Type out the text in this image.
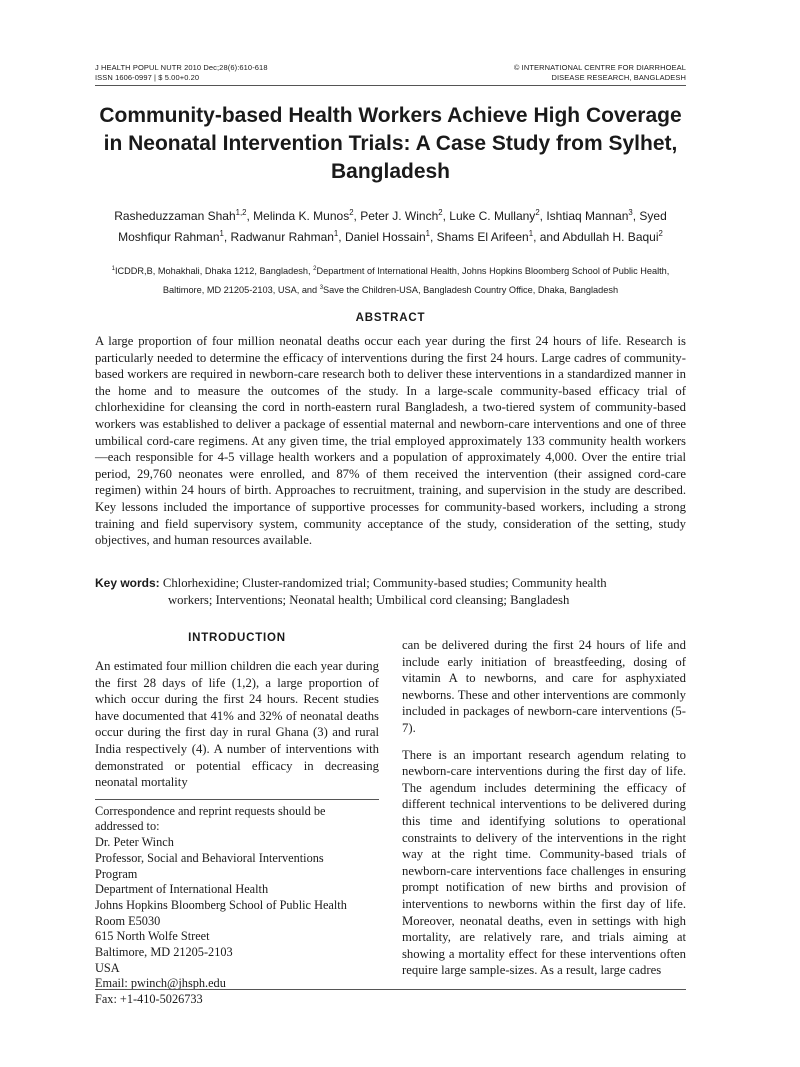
J HEALTH POPUL NUTR 2010 Dec;28(6):610-618
ISSN 1606-0997 | $ 5.00+0.20
© INTERNATIONAL CENTRE FOR DIARRHOEAL
DISEASE RESEARCH, BANGLADESH
Community-based Health Workers Achieve High Coverage in Neonatal Intervention Trials: A Case Study from Sylhet, Bangladesh
Rasheduzzaman Shah$^{1,2}$, Melinda K. Munos$^2$, Peter J. Winch$^2$, Luke C. Mullany$^2$, Ishtiaq Mannan$^3$, Syed Moshfiqur Rahman$^1$, Radwanur Rahman$^1$, Daniel Hossain$^1$, Shams El Arifeen$^1$, and Abdullah H. Baqui$^2$
$^1$ICDDR,B, Mohakhali, Dhaka 1212, Bangladesh, $^2$Department of International Health, Johns Hopkins Bloomberg School of Public Health, Baltimore, MD 21205-2103, USA, and $^3$Save the Children-USA, Bangladesh Country Office, Dhaka, Bangladesh
ABSTRACT

A large proportion of four million neonatal deaths occur each year during the first 24 hours of life. Research is particularly needed to determine the efficacy of interventions during the first 24 hours. Large cadres of community-based workers are required in newborn-care research both to deliver these interventions in a standardized manner in the home and to measure the outcomes of the study. In a large-scale community-based efficacy trial of chlorhexidine for cleansing the cord in north-eastern rural Bangladesh, a two-tiered system of community-based workers was established to deliver a package of essential maternal and newborn-care interventions and one of three umbilical cord-care regimens. At any given time, the trial employed approximately 133 community health workers—each responsible for 4-5 village health workers and a population of approximately 4,000. Over the entire trial period, 29,760 neonates were enrolled, and 87% of them received the intervention (their assigned cord-care regimen) within 24 hours of birth. Approaches to recruitment, training, and supervision in the study are described. Key lessons included the importance of supportive processes for community-based workers, including a strong training and field supervisory system, community acceptance of the study, consideration of the setting, study objectives, and human resources available.

Key words: Chlorhexidine; Cluster-randomized trial; Community-based studies; Community health
workers; Interventions; Neonatal health; Umbilical cord cleansing; Bangladesh
INTRODUCTION

An estimated four million children die each year during the first 28 days of life (1,2), a large proportion of which occur during the first 24 hours. Recent studies have documented that 41% and 32% of neonatal deaths occur during the first day in rural Ghana (3) and rural India respectively (4). A number of interventions with demonstrated or potential efficacy in decreasing neonatal mortality

Correspondence and reprint requests should be
addressed to:
Dr. Peter Winch
Professor, Social and Behavioral Interventions
Program
Department of International Health
Johns Hopkins Bloomberg School of Public Health
Room E5030
615 North Wolfe Street
Baltimore, MD 21205-2103
USA
Email: pwinch@jhsph.edu
Fax: +1-410-5026733

can be delivered during the first 24 hours of life and include early initiation of breastfeeding, dosing of vitamin A to newborns, and care for asphyxiated newborns. These and other interventions are commonly included in packages of newborn-care interventions (5-7).

There is an important research agendum relating to newborn-care interventions during the first day of life. The agendum includes determining the efficacy of different technical interventions to be delivered during this time and identifying solutions to operational constraints to delivery of the interventions in the right way at the right time. Community-based trials of newborn-care interventions face challenges in ensuring prompt notification of new births and provision of interventions to newborns within the first day of life. Moreover, neonatal deaths, even in settings with high mortality, are relatively rare, and trials aiming at showing a mortality effect for these interventions often require large sample-sizes. As a result, large cadres
